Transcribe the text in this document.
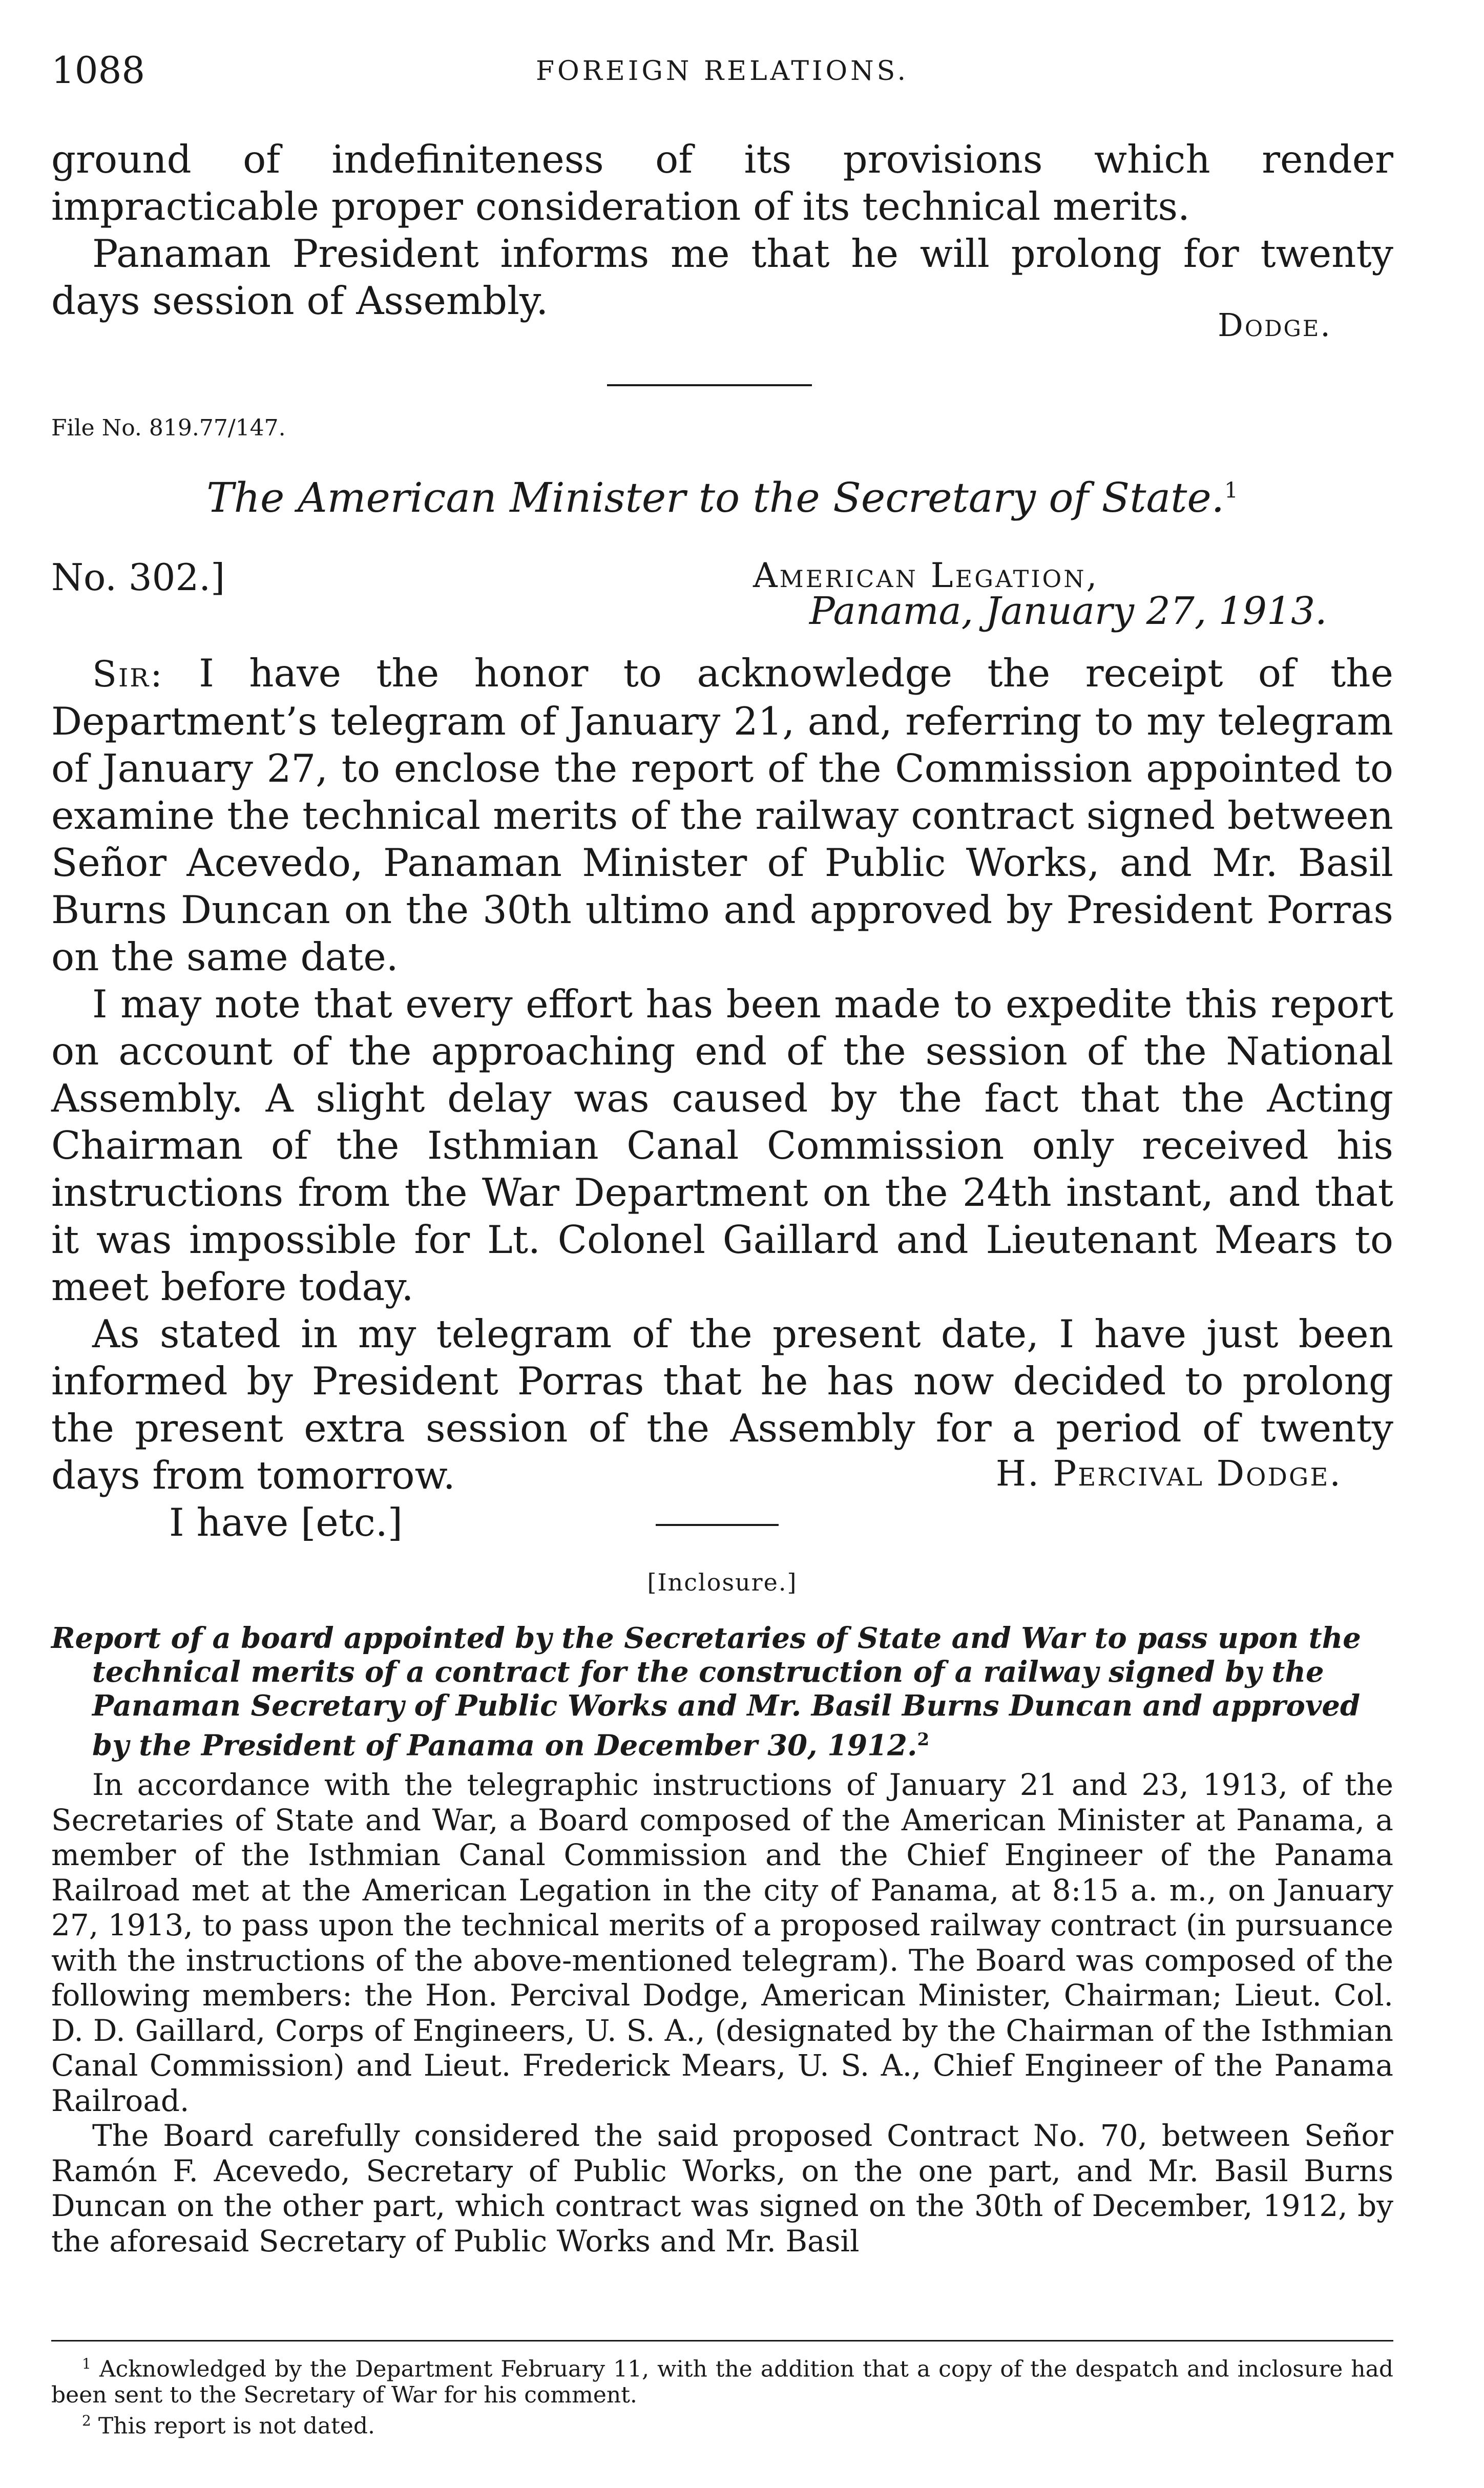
1088	FOREIGN RELATIONS.

ground of indefiniteness of its provisions which render impracticable proper consideration of its technical merits.

Panaman President informs me that he will prolong for twenty days session of Assembly.

Dodge.
File No. 819.77/147.
The American Minister to the Secretary of State.$^1$
No. 302.]	American Legation,
Panama, January 27, 1913.

Sir: I have the honor to acknowledge the receipt of the Department’s telegram of January 21, and, referring to my telegram of January 27, to enclose the report of the Commission appointed to examine the technical merits of the railway contract signed between Señor Acevedo, Panaman Minister of Public Works, and Mr. Basil Burns Duncan on the 30th ultimo and approved by President Porras on the same date.

I may note that every effort has been made to expedite this report on account of the approaching end of the session of the National Assembly. A slight delay was caused by the fact that the Acting Chairman of the Isthmian Canal Commission only received his instructions from the War Department on the 24th instant, and that it was impossible for Lt. Colonel Gaillard and Lieutenant Mears to meet before today.

As stated in my telegram of the present date, I have just been informed by President Porras that he has now decided to prolong the present extra session of the Assembly for a period of twenty days from tomorrow.

I have [etc.]

H. Percival Dodge.
[Inclosure.]
Report of a board appointed by the Secretaries of State and War to pass upon the technical merits of a contract for the construction of a railway signed by the Panaman Secretary of Public Works and Mr. Basil Burns Duncan and approved by the President of Panama on December 30, 1912.$^2$

In accordance with the telegraphic instructions of January 21 and 23, 1913, of the Secretaries of State and War, a Board composed of the American Minister at Panama, a member of the Isthmian Canal Commission and the Chief Engineer of the Panama Railroad met at the American Legation in the city of Panama, at 8:15 a. m., on January 27, 1913, to pass upon the technical merits of a proposed railway contract (in pursuance with the instructions of the above-mentioned telegram). The Board was composed of the following members: the Hon. Percival Dodge, American Minister, Chairman; Lieut. Col. D. D. Gaillard, Corps of Engineers, U. S. A., (designated by the Chairman of the Isthmian Canal Commission) and Lieut. Frederick Mears, U. S. A., Chief Engineer of the Panama Railroad.

The Board carefully considered the said proposed Contract No. 70, between Señor Ramón F. Acevedo, Secretary of Public Works, on the one part, and Mr. Basil Burns Duncan on the other part, which contract was signed on the 30th of December, 1912, by the aforesaid Secretary of Public Works and Mr. Basil

$^1$ Acknowledged by the Department February 11, with the addition that a copy of the despatch and inclosure had been sent to the Secretary of War for his comment.

$^2$ This report is not dated.
